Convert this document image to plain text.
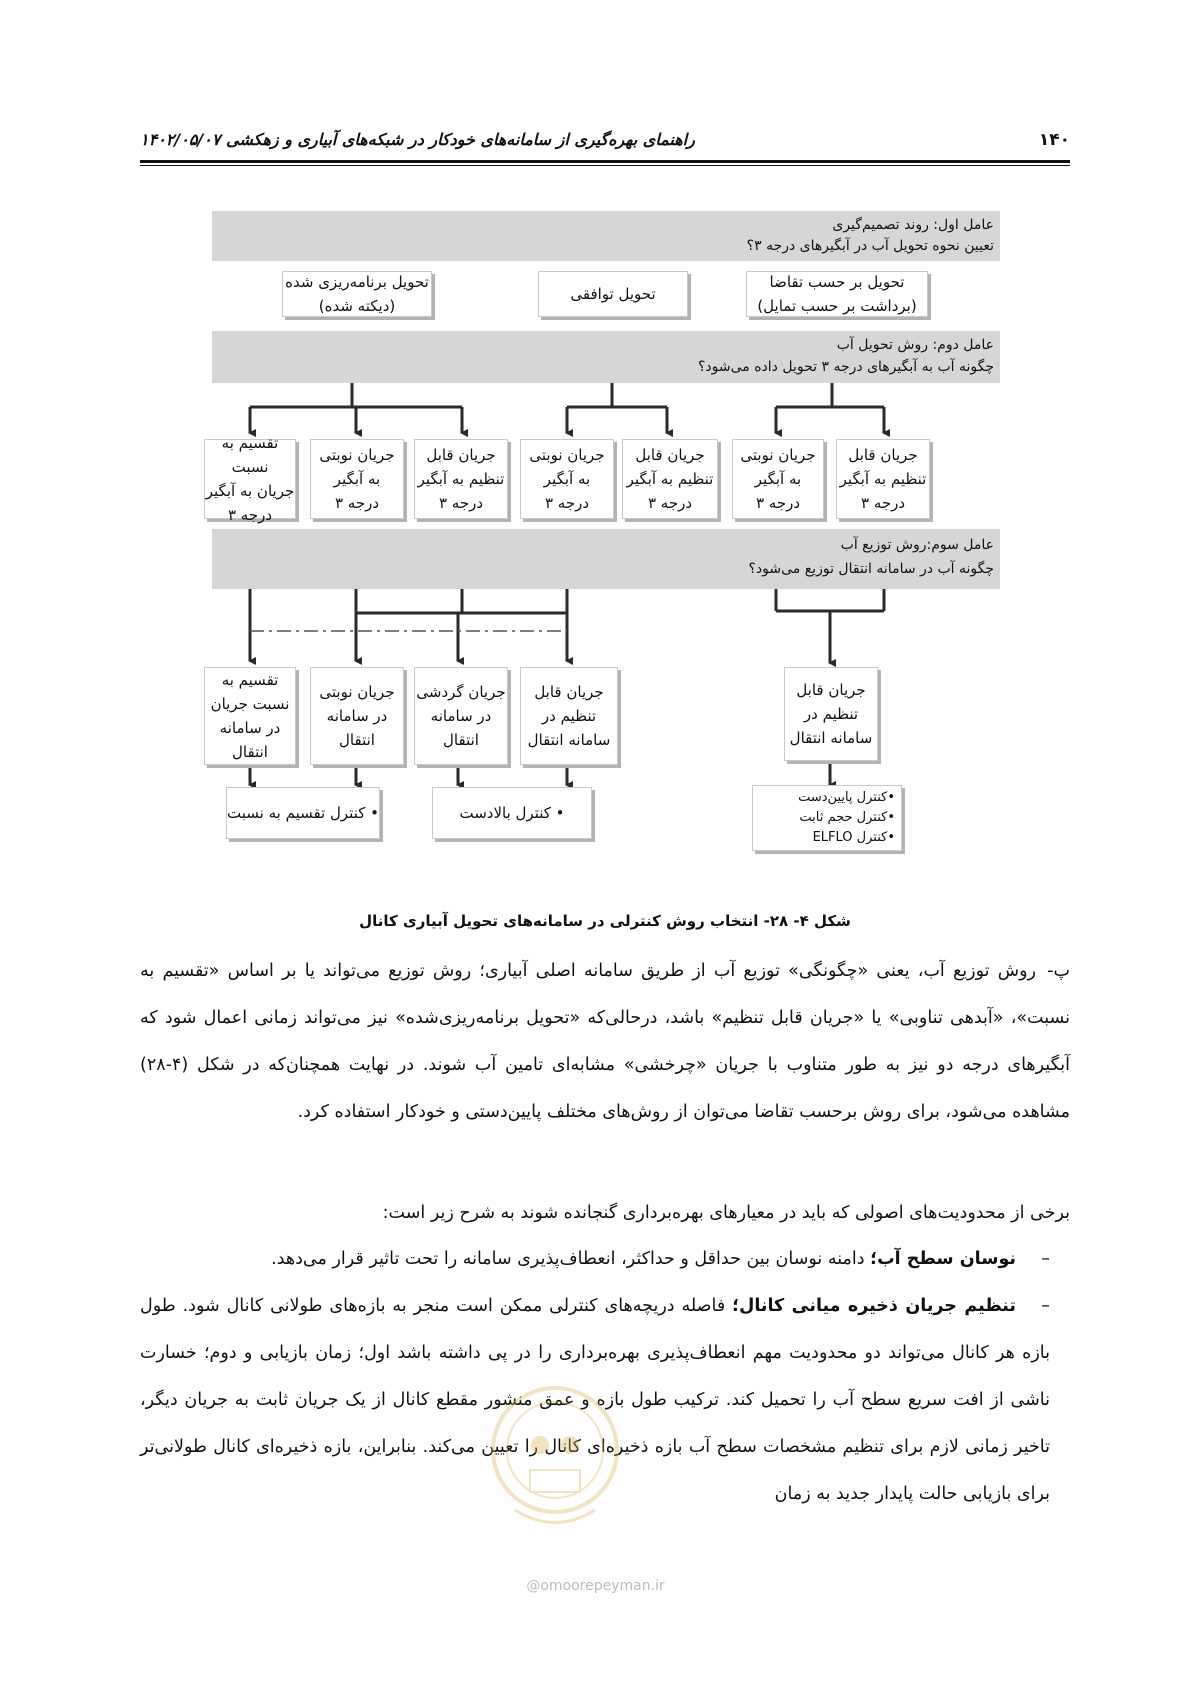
۱۴۰
راهنمای بهره‌گیری از سامانه‌های خودکار در شبکه‌های آبیاری و زهکشی ۱۴۰۲/۰۵/۰۷
عامل اول: روند تصمیم‌گیری
تعیین نحوه تحویل آب در آبگیرهای درجه ۳؟
تحویل برنامه‌ریزی شده
(دیکته شده)
تحویل توافقی
تحویل بر حسب تقاضا
(برداشت بر حسب تمایل)
عامل دوم: روش تحویل آب
چگونه آب به آبگیرهای درجه ۳ تحویل داده می‌شود؟
تقسیم به نسبت
جریان به آبگیر
درجه ۳
جریان نوبتی
به آبگیر
درجه ۳
جریان قابل
تنظیم به آبگیر
درجه ۳
جریان نوبتی
به آبگیر
درجه ۳
جریان قابل
تنظیم به آبگیر
درجه ۳
جریان نوبتی
به آبگیر
درجه ۳
جریان قابل
تنظیم به آبگیر
درجه ۳
عامل سوم:روش توزیع آب
چگونه آب در سامانه انتقال توزیع می‌شود؟
تقسیم به
نسبت جریان
در سامانه
انتقال
جریان نوبتی
در سامانه
انتقال
جریان گردشی
در سامانه
انتقال
جریان قابل
تنظیم در
سامانه انتقال
جریان قابل
تنظیم در
سامانه انتقال
• کنترل تقسیم به نسبت	• کنترل بالادست
•کنترل پایین‌دست
•کنترل حجم ثابت
•کنترل ELFLO
شکل ۴- ۲۸- انتخاب روش کنترلی در سامانه‌های تحویل آبیاری کانال

پ-روش توزیع آب، یعنی «چگونگی» توزیع آب از طریق سامانه اصلی آبیاری؛ روش توزیع می‌تواند یا بر اساس «تقسیم به نسبت»، «آبدهی تناوبی» یا «جریان قابل تنظیم» باشد، درحالی‌که «تحویل برنامه‌ریزی‌شده» نیز می‌تواند زمانی اعمال شود که آبگیرهای درجه دو نیز به طور متناوب با جریان «چرخشی» مشابه‌ای تامین آب شوند. در نهایت همچنان‌که در شکل (۴-۲۸) مشاهده می‌شود، برای روش برحسب تقاضا می‌توان از روش‌های مختلف پایین‌دستی و خودکار استفاده کرد.

برخی از محدودیت‌های اصولی که باید در معیارهای بهره‌برداری گنجانده شوند به شرح زیر است:

–نوسان سطح آب؛ دامنه نوسان بین حداقل و حداکثر، انعطاف‌پذیری سامانه را تحت تاثیر قرار می‌دهد.

–تنظیم جریان ذخیره میانی کانال؛ فاصله دریچه‌های کنترلی ممکن است منجر به بازه‌های طولانی کانال شود. طول بازه هر کانال می‌تواند دو محدودیت مهم انعطاف‌پذیری بهره‌برداری را در پی داشته باشد اول؛ زمان بازیابی و دوم؛ خسارت ناشی از افت سریع سطح آب را تحمیل کند. ترکیب طول بازه و عمق منشور مقطع کانال از یک جریان ثابت به جریان دیگر، تاخیر زمانی لازم برای تنظیم مشخصات سطح آب بازه ذخیره‌ای کانال را تعیین می‌کند. بنابراین، بازه ذخیره‌ای کانال طولانی‌تر برای بازیابی حالت پایدار جدید به زمان

@omoorepeyman.ir
